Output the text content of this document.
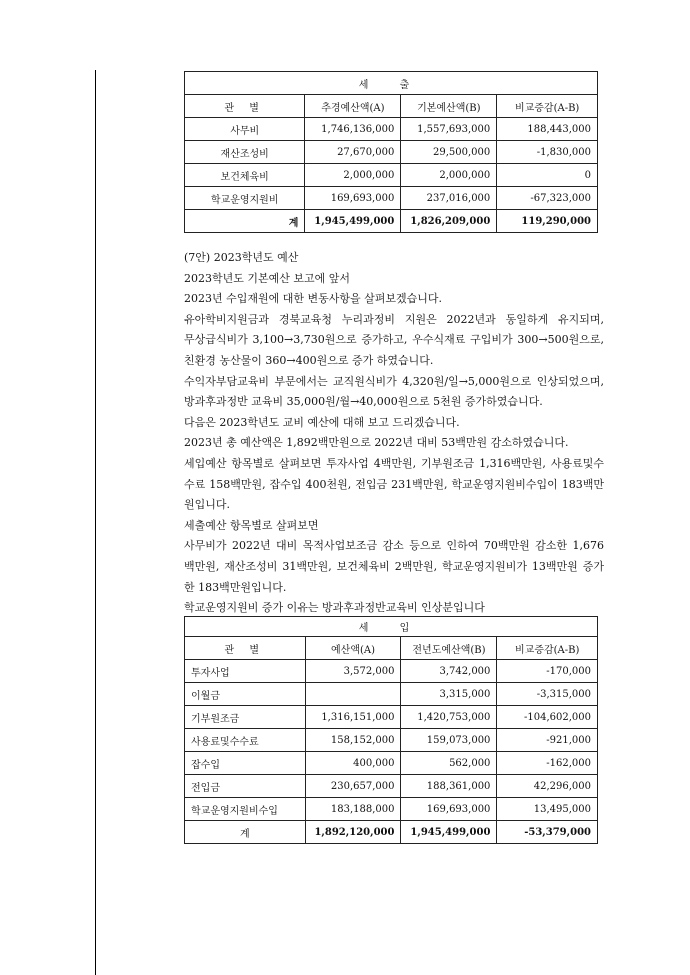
세 출			
관 별	추경예산액(A)	기본예산액(B)	비교증감(A-B)
사무비	1,746,136,000	1,557,693,000	188,443,000
재산조성비	27,670,000	29,500,000	-1,830,000
보건체육비	2,000,000	2,000,000	0
학교운영지원비	169,693,000	237,016,000	-67,323,000
계	1,945,499,000	1,826,209,000	119,290,000

(7안) 2023학년도 예산

2023학년도 기본예산 보고에 앞서

2023년 수입재원에 대한 변동사항을 살펴보겠습니다.

유아학비지원금과 경북교육청 누리과정비 지원은 2022년과 동일하게 유지되며,

무상급식비가 3,100→3,730원으로 증가하고, 우수식재료 구입비가 300→500원으로,

친환경 농산물이 360→400원으로 증가 하였습니다.

수익자부담교육비 부문에서는 교직원식비가 4,320원/일→5,000원으로 인상되었으며,

방과후과정반 교육비 35,000원/월→40,000원으로 5천원 증가하였습니다.

다음은 2023학년도 교비 예산에 대해 보고 드리겠습니다.

2023년 총 예산액은 1,892백만원으로 2022년 대비 53백만원 감소하였습니다.

세입예산 항목별로 살펴보면 투자사업 4백만원, 기부원조금 1,316백만원, 사용료및수

수료 158백만원, 잡수입 400천원, 전입금 231백만원, 학교운영지원비수입이 183백만

원입니다.

세출예산 항목별로 살펴보면

사무비가 2022년 대비 목적사업보조금 감소 등으로 인하여 70백만원 감소한 1,676

백만원, 재산조성비 31백만원, 보건체육비 2백만원, 학교운영지원비가 13백만원 증가

한 183백만원입니다.

학교운영지원비 증가 이유는 방과후과정반교육비 인상분입니다

세 입			
관 별	예산액(A)	전년도예산액(B)	비교증감(A-B)
투자사업	3,572,000	3,742,000	-170,000
이월금		3,315,000	-3,315,000
기부원조금	1,316,151,000	1,420,753,000	-104,602,000
사용료및수수료	158,152,000	159,073,000	-921,000
잡수입	400,000	562,000	-162,000
전입금	230,657,000	188,361,000	42,296,000
학교운영지원비수입	183,188,000	169,693,000	13,495,000
계	1,892,120,000	1,945,499,000	-53,379,000
